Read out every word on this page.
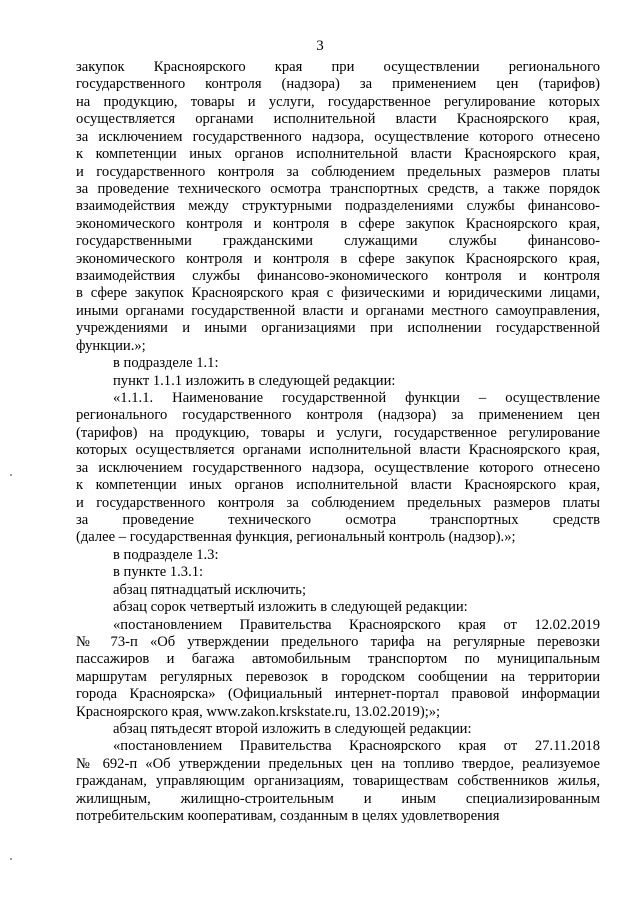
3

закупок Красноярского края при осуществлении регионального
государственного контроля (надзора) за применением цен (тарифов)
на продукцию, товары и услуги, государственное регулирование которых
осуществляется органами исполнительной власти Красноярского края,
за исключением государственного надзора, осуществление которого отнесено
к компетенции иных органов исполнительной власти Красноярского края,
и государственного контроля за соблюдением предельных размеров платы
за проведение технического осмотра транспортных средств, а также порядок
взаимодействия между структурными подразделениями службы финансово-
экономического контроля и контроля в сфере закупок Красноярского края,
государственными гражданскими служащими службы финансово-
экономического контроля и контроля в сфере закупок Красноярского края,
взаимодействия службы финансово-экономического контроля и контроля
в сфере закупок Красноярского края с физическими и юридическими лицами,
иными органами государственной власти и органами местного самоуправления,
учреждениями и иными организациями при исполнении государственной
функции.»;

в подразделе 1.1:

пункт 1.1.1 изложить в следующей редакции:

«1.1.1. Наименование государственной функции – осуществление
регионального государственного контроля (надзора) за применением цен
(тарифов) на продукцию, товары и услуги, государственное регулирование
которых осуществляется органами исполнительной власти Красноярского края,
за исключением государственного надзора, осуществление которого отнесено
к компетенции иных органов исполнительной власти Красноярского края,
и государственного контроля за соблюдением предельных размеров платы
за проведение технического осмотра транспортных средств
(далее – государственная функция, региональный контроль (надзор).»;

в подразделе 1.3:

в пункте 1.3.1:

абзац пятнадцатый исключить;

абзац сорок четвертый изложить в следующей редакции:

«постановлением Правительства Красноярского края от 12.02.2019
№ 73-п «Об утверждении предельного тарифа на регулярные перевозки
пассажиров и багажа автомобильным транспортом по муниципальным
маршрутам регулярных перевозок в городском сообщении на территории
города Красноярска» (Официальный интернет-портал правовой информации
Красноярского края, www.zakon.krskstate.ru, 13.02.2019);»;

абзац пятьдесят второй изложить в следующей редакции:

«постановлением Правительства Красноярского края от 27.11.2018
№ 692-п «Об утверждении предельных цен на топливо твердое, реализуемое
гражданам, управляющим организациям, товариществам собственников жилья,
жилищным, жилищно-строительным и иным специализированным
потребительским кооперативам, созданным в целях удовлетворения
